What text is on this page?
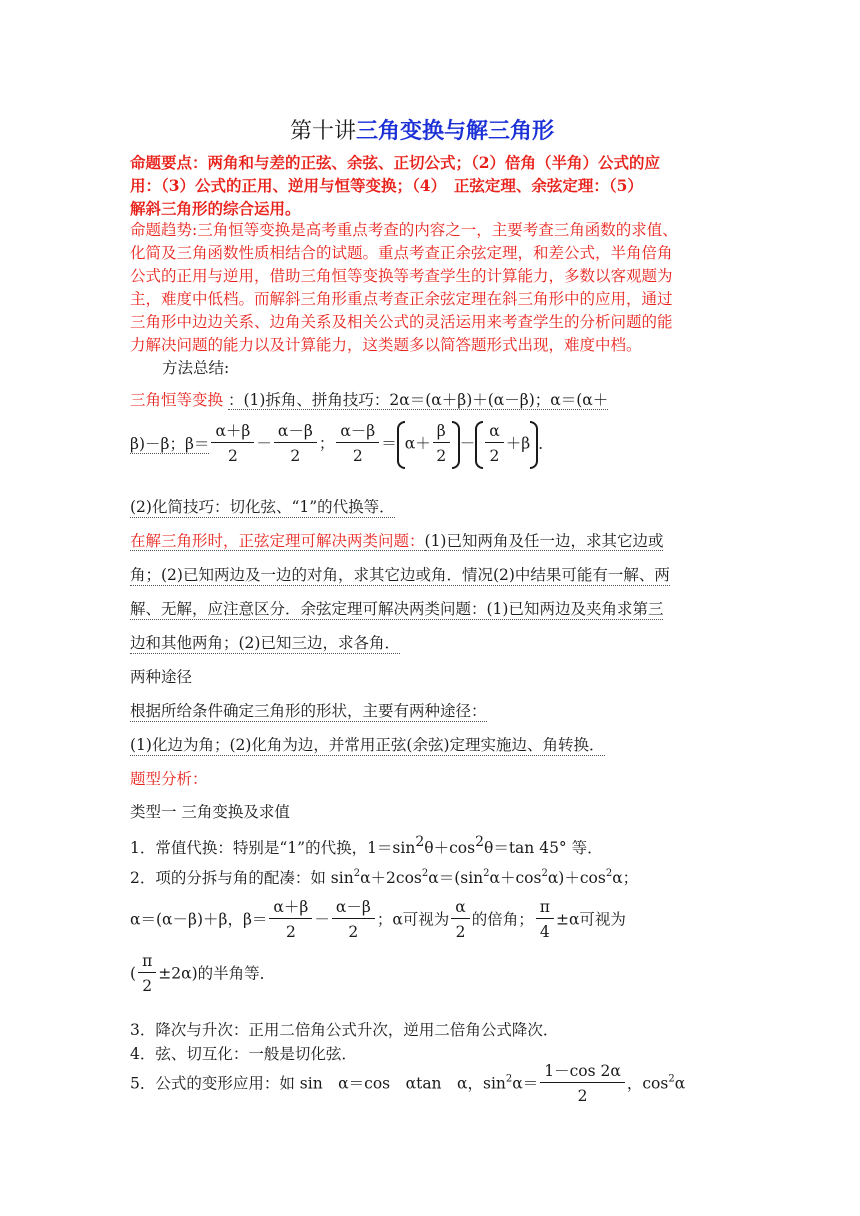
第十讲三角变换与解三角形
命题要点：两角和与差的正弦、余弦、正切公式；（2）倍角（半角）公式的应
用：（3）公式的正用、逆用与恒等变换；（4）　正弦定理、余弦定理：（5）
解斜三角形的综合运用。
命题趋势:三角恒等变换是高考重点考查的内容之一，主要考查三角函数的求值、
化简及三角函数性质相结合的试题。重点考查正余弦定理，和差公式，半角倍角
公式的正用与逆用，借助三角恒等变换等考查学生的计算能力，多数以客观题为
主，难度中低档。而解斜三角形重点考查正余弦定理在斜三角形中的应用，通过
三角形中边边关系、边角关系及相关公式的灵活运用来考查学生的分析问题的能
力解决问题的能力以及计算能力，这类题多以简答题形式出现，难度中档。
方法总结:
三角恒等变换 ：(1)拆角、拼角技巧：2α＝(α＋β)＋(α－β)；α＝(α＋
β)－β；$\beta= \frac{\alpha+\beta}{2} - \frac{\alpha-\beta}{2}$ ； $\frac{\alpha-\beta}{2} = \alpha+ \frac{\beta}{2} - \frac{\alpha}{2} +\beta$ ．
(2)化简技巧：切化弦、“1”的代换等．
在解三角形时，正弦定理可解决两类问题：(1)已知两角及任一边，求其它边或
角；(2)已知两边及一边的对角，求其它边或角．情况(2)中结果可能有一解、两
解、无解，应注意区分．余弦定理可解决两类问题：(1)已知两边及夹角求第三
边和其他两角；(2)已知三边，求各角．
两种途径
根据所给条件确定三角形的形状，主要有两种途径：
(1)化边为角；(2)化角为边，并常用正弦(余弦)定理实施边、角转换．
题型分析：
类型一 三角变换及求值
1．常值代换：特别是“1”的代换，1＝sin2θ＋cos2θ＝tan 45° 等．
2．项的分拆与角的配凑：如 $\sin^2\alpha+2\cos^2\alpha=(\sin^2\alpha+\cos^2\alpha)+\cos^2\alpha$；
α＝(α－β)＋β，$\beta= \frac{\alpha+\beta}{2} - \frac{\alpha-\beta}{2}$ ；α可视为 $\frac{\alpha}{2}$ 的倍角； $\frac{\pi}{4} \pm\alpha$可视为
( $\frac{\pi}{2} \pm 2\alpha$)的半角等．
3．降次与升次：正用二倍角公式升次，逆用二倍角公式降次．
4．弦、切互化：一般是切化弦．
5．公式的变形应用：如 sin　α＝cos　αtan　α，$\sin^2\alpha= \frac{1-\cos 2\alpha}{2}$ ，$\cos^2\alpha$
